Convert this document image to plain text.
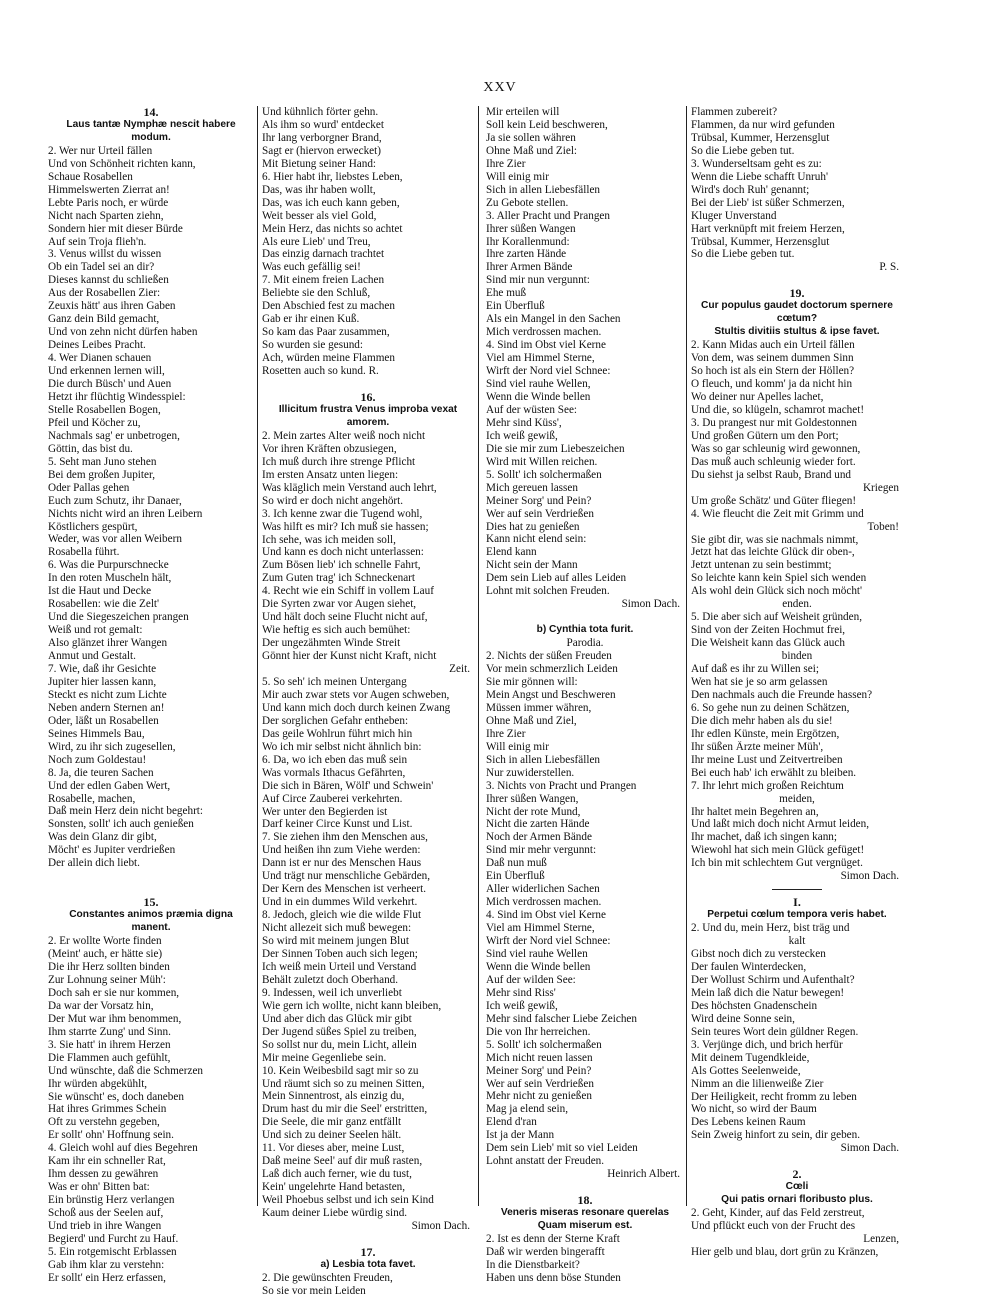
XXV
14.
Laus tantæ Nymphæ nescit habere
modum.
2. Wer nur Urteil fällen
Und von Schönheit richten kann,
Schaue Rosabellen
Himmelswerten Zierrat an!
Lebte Paris noch, er würde
Nicht nach Sparten ziehn,
Sondern hier mit dieser Bürde
Auf sein Troja flieh'n.
3. Venus willst du wissen
Ob ein Tadel sei an dir?
Dieses kannst du schließen
Aus der Rosabellen Zier:
Zeuxis hätt' aus ihren Gaben
Ganz dein Bild gemacht,
Und von zehn nicht dürfen haben
Deines Leibes Pracht.
4. Wer Dianen schauen
Und erkennen lernen will,
Die durch Büsch' und Auen
Hetzt ihr flüchtig Windesspiel:
Stelle Rosabellen Bogen,
Pfeil und Köcher zu,
Nachmals sag' er unbetrogen,
Göttin, das bist du.
5. Seht man Juno stehen
Bei dem großen Jupiter,
Oder Pallas gehen
Euch zum Schutz, ihr Danaer,
Nichts nicht wird an ihren Leibern
Köstlichers gespürt,
Weder, was vor allen Weibern
Rosabella führt.
6. Was die Purpurschnecke
In den roten Muscheln hält,
Ist die Haut und Decke
Rosabellen: wie die Zelt'
Und die Siegeszeichen prangen
Weiß und rot gemalt:
Also glänzet ihrer Wangen
Anmut und Gestalt.
7. Wie, daß ihr Gesichte
Jupiter hier lassen kann,
Steckt es nicht zum Lichte
Neben andern Sternen an!
Oder, läßt un Rosabellen
Seines Himmels Bau,
Wird, zu ihr sich zugesellen,
Noch zum Goldestau!
8. Ja, die teuren Sachen
Und der edlen Gaben Wert,
Rosabelle, machen,
Daß mein Herz dein nicht begehrt:
Sonsten, sollt' ich auch genießen
Was dein Glanz dir gibt,
Möcht' es Jupiter verdrießen
Der allein dich liebt.
15.
Constantes animos præmia digna
manent.
2. Er wollte Worte finden
(Meint' auch, er hätte sie)
Die ihr Herz sollten binden
Zur Lohnung seiner Müh':
Doch sah er sie nur kommen,
Da war der Vorsatz hin,
Der Mut war ihm benommen,
Ihm starrte Zung' und Sinn.
3. Sie hatt' in ihrem Herzen
Die Flammen auch gefühlt,
Und wünschte, daß die Schmerzen
Ihr würden abgekühlt,
Sie wünscht' es, doch daneben
Hat ihres Grimmes Schein
Oft zu verstehn gegeben,
Er sollt' ohn' Hoffnung sein.
4. Gleich wohl auf dies Begehren
Kam ihr ein schneller Rat,
Ihm dessen zu gewähren
Was er ohn' Bitten bat:
Ein brünstig Herz verlangen
Schoß aus der Seelen auf,
Und trieb in ihre Wangen
Begierd' und Furcht zu Hauf.
5. Ein rotgemischt Erblassen
Gab ihm klar zu verstehn:
Er sollt' ein Herz erfassen,
Und kühnlich förter gehn.
Als ihm so wurd' entdecket
Ihr lang verborgner Brand,
Sagt er (hiervon erwecket)
Mit Bietung seiner Hand:
6. Hier habt ihr, liebstes Leben,
Das, was ihr haben wollt,
Das, was ich euch kann geben,
Weit besser als viel Gold,
Mein Herz, das nichts so achtet
Als eure Lieb' und Treu,
Das einzig darnach trachtet
Was euch gefällig sei!
7. Mit einem freien Lachen
Beliebte sie den Schluß,
Den Abschied fest zu machen
Gab er ihr einen Kuß.
So kam das Paar zusammen,
So wurden sie gesund:
Ach, würden meine Flammen
Rosetten auch so kund. R.
16.
Illicitum frustra Venus improba vexat
amorem.
2. Mein zartes Alter weiß noch nicht
Vor ihren Kräften obzusiegen,
Ich muß durch ihre strenge Pflicht
Im ersten Ansatz unten liegen:
Was kläglich mein Verstand auch lehrt,
So wird er doch nicht angehört.
3. Ich kenne zwar die Tugend wohl,
Was hilft es mir? Ich muß sie hassen;
Ich sehe, was ich meiden soll,
Und kann es doch nicht unterlassen:
Zum Bösen lieb' ich schnelle Fahrt,
Zum Guten trag' ich Schneckenart
4. Recht wie ein Schiff in vollem Lauf
Die Syrten zwar vor Augen siehet,
Und hält doch seine Flucht nicht auf,
Wie heftig es sich auch bemühet:
Der ungezähmten Winde Streit
Gönnt hier der Kunst nicht Kraft, nicht
Zeit.
5. So seh' ich meinen Untergang
Mir auch zwar stets vor Augen schweben,
Und kann mich doch durch keinen Zwang
Der sorglichen Gefahr entheben:
Das geile Wohlrun führt mich hin
Wo ich mir selbst nicht ähnlich bin:
6. Da, wo ich eben das muß sein
Was vormals Ithacus Gefährten,
Die sich in Bären, Wölf' und Schwein'
Auf Circe Zauberei verkehrten.
Wer unter den Begierden ist
Darf keiner Circe Kunst und List.
7. Sie ziehen ihm den Menschen aus,
Und heißen ihn zum Viehe werden:
Dann ist er nur des Menschen Haus
Und trägt nur menschliche Gebärden,
Der Kern des Menschen ist verheert.
Und in ein dummes Wild verkehrt.
8. Jedoch, gleich wie die wilde Flut
Nicht allezeit sich muß bewegen:
So wird mit meinem jungen Blut
Der Sinnen Toben auch sich legen;
Ich weiß mein Urteil und Verstand
Behält zuletzt doch Oberhand.
9. Indessen, weil ich unverliebt
Wie gern ich wollte, nicht kann bleiben,
Und aber dich das Glück mir gibt
Der Jugend süßes Spiel zu treiben,
So sollst nur du, mein Licht, allein
Mir meine Gegenliebe sein.
10. Kein Weibesbild sagt mir so zu
Und räumt sich so zu meinen Sitten,
Mein Sinnentrost, als einzig du,
Drum hast du mir die Seel' erstritten,
Die Seele, die mir ganz entfällt
Und sich zu deiner Seelen hält.
11. Vor dieses aber, meine Lust,
Daß meine Seel' auf dir muß rasten,
Laß dich auch ferner, wie du tust,
Kein' ungelehrte Hand betasten,
Weil Phoebus selbst und ich sein Kind
Kaum deiner Liebe würdig sind.
Simon Dach.
17.
a) Lesbia tota favet.
2. Die gewünschten Freuden,
So sie vor mein Leiden
Mir erteilen will
Soll kein Leid beschweren,
Ja sie sollen währen
Ohne Maß und Ziel:
Ihre Zier
Will einig mir
Sich in allen Liebesfällen
Zu Gebote stellen.
3. Aller Pracht und Prangen
Ihrer süßen Wangen
Ihr Korallenmund:
Ihre zarten Hände
Ihrer Armen Bände
Sind mir nun vergunnt:
Ehe muß
Ein Überfluß
Als ein Mangel in den Sachen
Mich verdrossen machen.
4. Sind im Obst viel Kerne
Viel am Himmel Sterne,
Wirft der Nord viel Schnee:
Sind viel rauhe Wellen,
Wenn die Winde bellen
Auf der wüsten See:
Mehr sind Küss',
Ich weiß gewiß,
Die sie mir zum Liebeszeichen
Wird mit Willen reichen.
5. Sollt' ich solchermaßen
Mich gereuen lassen
Meiner Sorg' und Pein?
Wer auf sein Verdrießen
Dies hat zu genießen
Kann nicht elend sein:
Elend kann
Nicht sein der Mann
Dem sein Lieb auf alles Leiden
Lohnt mit solchen Freuden.
Simon Dach.
b) Cynthia tota furit.
Parodia.
2. Nichts der süßen Freuden
Vor mein schmerzlich Leiden
Sie mir gönnen will:
Mein Angst und Beschweren
Müssen immer währen,
Ohne Maß und Ziel,
Ihre Zier
Will einig mir
Sich in allen Liebesfällen
Nur zuwiderstellen.
3. Nichts von Pracht und Prangen
Ihrer süßen Wangen,
Nicht der rote Mund,
Nicht die zarten Hände
Noch der Armen Bände
Sind mir mehr vergunnt:
Daß nun muß
Ein Überfluß
Aller widerlichen Sachen
Mich verdrossen machen.
4. Sind im Obst viel Kerne
Viel am Himmel Sterne,
Wirft der Nord viel Schnee:
Sind viel rauhe Wellen
Wenn die Winde bellen
Auf der wilden See:
Mehr sind Riss'
Ich weiß gewiß,
Mehr sind falscher Liebe Zeichen
Die von Ihr herreichen.
5. Sollt' ich solchermaßen
Mich nicht reuen lassen
Meiner Sorg' und Pein?
Wer auf sein Verdrießen
Mehr nicht zu genießen
Mag ja elend sein,
Elend d'ran
Ist ja der Mann
Dem sein Lieb' mit so viel Leiden
Lohnt anstatt der Freuden.
Heinrich Albert.
18.
Veneris miseras resonare querelas
Quam miserum est.
2. Ist es denn der Sterne Kraft
Daß wir werden bingerafft
In die Dienstbarkeit?
Haben uns denn böse Stunden
Flammen zubereit?
Flammen, da nur wird gefunden
Trübsal, Kummer, Herzensglut
So die Liebe geben tut.
3. Wunderseltsam geht es zu:
Wenn die Liebe schafft Unruh'
Wird's doch Ruh' genannt;
Bei der Lieb' ist süßer Schmerzen,
Kluger Unverstand
Hart verknüpft mit freiem Herzen,
Trübsal, Kummer, Herzensglut
So die Liebe geben tut.
P. S.
19.
Cur populus gaudet doctorum spernere
cœtum?
Stultis divitiis stultus & ipse favet.
2. Kann Midas auch ein Urteil fällen
Von dem, was seinem dummen Sinn
So hoch ist als ein Stern der Höllen?
O fleuch, und komm' ja da nicht hin
Wo deiner nur Apelles lachet,
Und die, so klügeln, schamrot machet!
3. Du prangest nur mit Goldestonnen
Und großen Gütern um den Port;
Was so gar schleunig wird gewonnen,
Das muß auch schleunig wieder fort.
Du siehst ja selbst Raub, Brand und
Kriegen
Um große Schätz' und Güter fliegen!
4. Wie fleucht die Zeit mit Grimm und
Toben!
Sie gibt dir, was sie nachmals nimmt,
Jetzt hat das leichte Glück dir oben-,
Jetzt untenan zu sein bestimmt;
So leichte kann kein Spiel sich wenden
Als wohl dein Glück sich noch möcht'
enden.
5. Die aber sich auf Weisheit gründen,
Sind von der Zeiten Hochmut frei,
Die Weisheit kann das Glück auch
binden
Auf daß es ihr zu Willen sei;
Wen hat sie je so arm gelassen
Den nachmals auch die Freunde hassen?
6. So gehe nun zu deinen Schätzen,
Die dich mehr haben als du sie!
Ihr edlen Künste, mein Ergötzen,
Ihr süßen Ärzte meiner Müh',
Ihr meine Lust und Zeitvertreiben
Bei euch hab' ich erwählt zu bleiben.
7. Ihr lehrt mich großen Reichtum
meiden,
Ihr haltet mein Begehren an,
Und laßt mich doch nicht Armut leiden,
Ihr machet, daß ich singen kann;
Wiewohl hat sich mein Glück gefüget!
Ich bin mit schlechtem Gut vergnüget.
Simon Dach.
I.
Perpetui cœlum tempora veris habet.
2. Und du, mein Herz, bist träg und
kalt
Gibst noch dich zu verstecken
Der faulen Winterdecken,
Der Wollust Schirm und Aufenthalt?
Mein laß dich die Natur bewegen!
Des höchsten Gnadenschein
Wird deine Sonne sein,
Sein teures Wort dein güldner Regen.
3. Verjünge dich, und brich herfür
Mit deinem Tugendkleide,
Als Gottes Seelenweide,
Nimm an die lilienweiße Zier
Der Heiligkeit, recht fromm zu leben
Wo nicht, so wird der Baum
Des Lebens keinen Raum
Sein Zweig hinfort zu sein, dir geben.
Simon Dach.
2.
Cœli
Qui patis ornari floribusto plus.
2. Geht, Kinder, auf das Feld zerstreut,
Und pflückt euch von der Frucht des
Lenzen,
Hier gelb und blau, dort grün zu Kränzen,
